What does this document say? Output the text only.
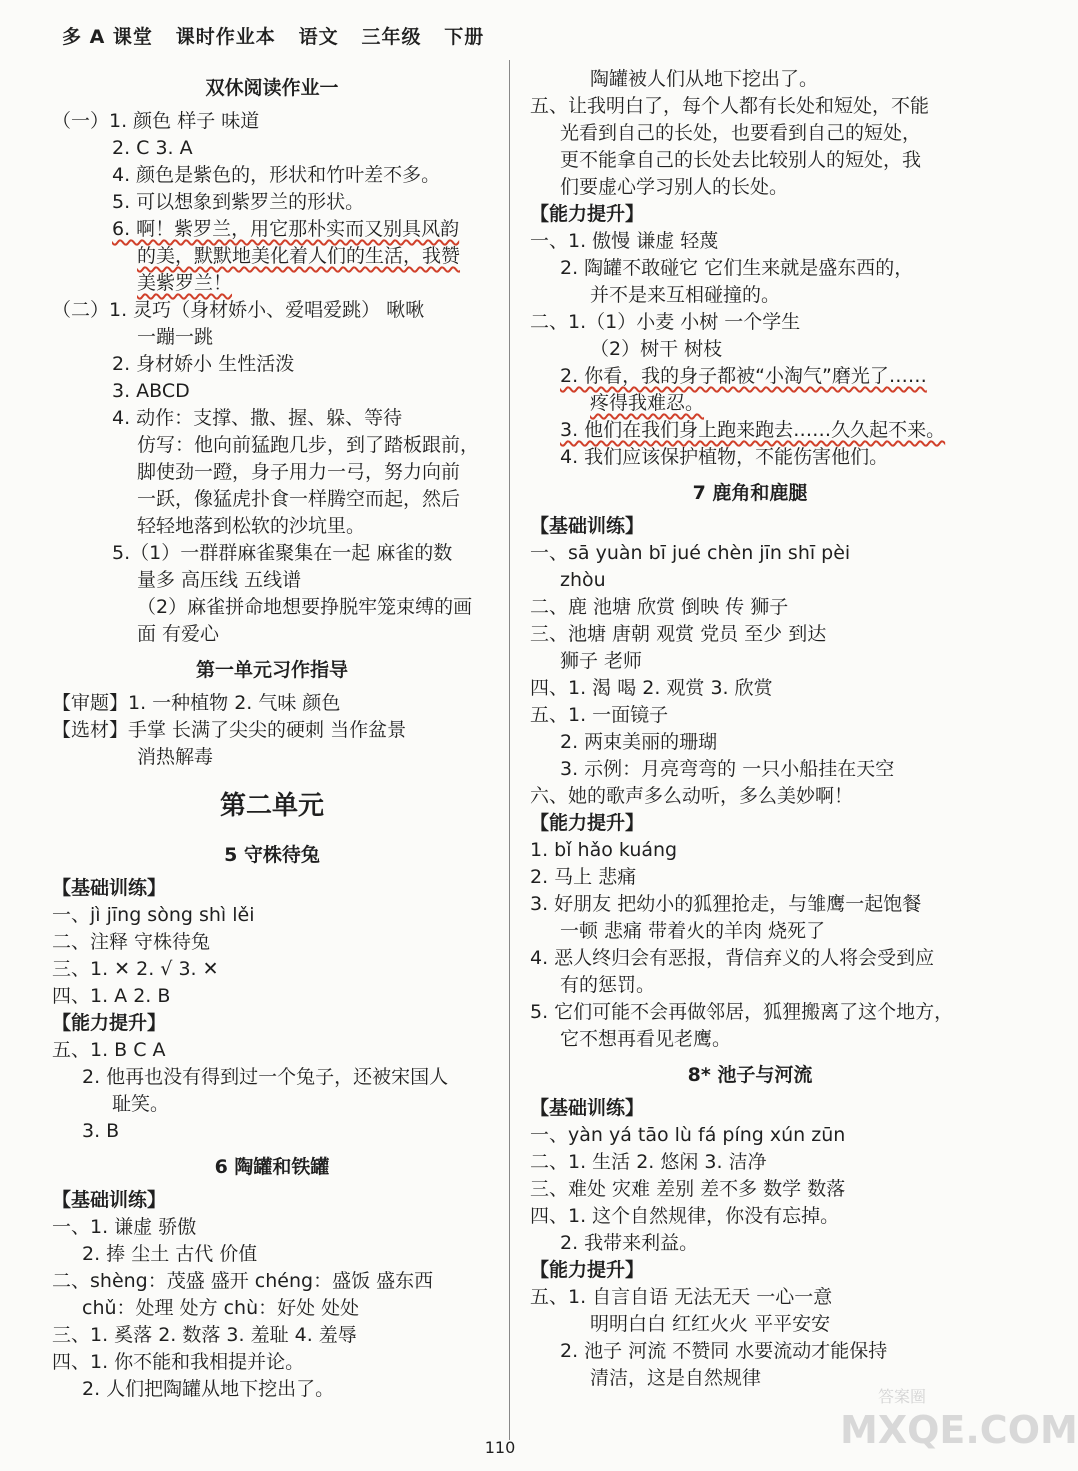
多 A 课堂   课时作业本   语文   三年级   下册
双休阅读作业一
（一）1. 颜色 样子 味道
2. C 3. A
4. 颜色是紫色的，形状和竹叶差不多。
5. 可以想象到紫罗兰的形状。
6. 啊！紫罗兰，用它那朴实而又别具风韵
的美，默默地美化着人们的生活，我赞
美紫罗兰！
（二）1. 灵巧（身材娇小、爱唱爱跳） 啾啾
一蹦一跳
2. 身材娇小 生性活泼
3. ABCD
4. 动作：支撑、撒、握、躲、等待
仿写：他向前猛跑几步，到了踏板跟前，
脚使劲一蹬，身子用力一弓，努力向前
一跃，像猛虎扑食一样腾空而起，然后
轻轻地落到松软的沙坑里。
5.（1）一群群麻雀聚集在一起 麻雀的数
量多 高压线 五线谱
（2）麻雀拼命地想要挣脱牢笼束缚的画
面 有爱心
第一单元习作指导
【审题】1. 一种植物 2. 气味 颜色
【选材】手掌 长满了尖尖的硬刺 当作盆景
消热解毒
第二单元
5 守株待兔
【基础训练】
一、jì jīng sòng shì lěi
二、注释 守株待兔
三、1. ✕ 2. √ 3. ✕
四、1. A 2. B
【能力提升】
五、1. B C A
2. 他再也没有得到过一个兔子，还被宋国人
耻笑。
3. B
6 陶罐和铁罐
【基础训练】
一、1. 谦虚 骄傲
2. 捧 尘土 古代 价值
二、shèng：茂盛 盛开 chéng：盛饭 盛东西
chǔ：处理 处方 chù：好处 处处
三、1. 奚落 2. 数落 3. 羞耻 4. 羞辱
四、1. 你不能和我相提并论。
2. 人们把陶罐从地下挖出了。
陶罐被人们从地下挖出了。
五、让我明白了，每个人都有长处和短处，不能
光看到自己的长处，也要看到自己的短处，
更不能拿自己的长处去比较别人的短处，我
们要虚心学习别人的长处。
【能力提升】
一、1. 傲慢 谦虚 轻蔑
2. 陶罐不敢碰它 它们生来就是盛东西的，
并不是来互相碰撞的。
二、1.（1）小麦 小树 一个学生
（2）树干 树枝
2. 你看，我的身子都被“小淘气”磨光了……
疼得我难忍。
3. 他们在我们身上跑来跑去……久久起不来。
4. 我们应该保护植物，不能伤害他们。
7 鹿角和鹿腿
【基础训练】
一、sā yuàn bī jué chèn jīn shī pèi
zhòu
二、鹿 池塘 欣赏 倒映 传 狮子
三、池塘 唐朝 观赏 党员 至少 到达
狮子 老师
四、1. 渴 喝 2. 观赏 3. 欣赏
五、1. 一面镜子
2. 两束美丽的珊瑚
3. 示例：月亮弯弯的 一只小船挂在天空
六、她的歌声多么动听，多么美妙啊！
【能力提升】
1. bǐ hǎo kuáng
2. 马上 悲痛
3. 好朋友 把幼小的狐狸抢走，与雏鹰一起饱餐
一顿 悲痛 带着火的羊肉 烧死了
4. 恶人终归会有恶报，背信弃义的人将会受到应
有的惩罚。
5. 它们可能不会再做邻居，狐狸搬离了这个地方，
它不想再看见老鹰。
8* 池子与河流
【基础训练】
一、yàn yá tāo lù fá píng xún zūn
二、1. 生活 2. 悠闲 3. 洁净
三、难处 灾难 差别 差不多 数学 数落
四、1. 这个自然规律，你没有忘掉。
2. 我带来利益。
【能力提升】
五、1. 自言自语 无法无天 一心一意
明明白白 红红火火 平平安安
2. 池子 河流 不赞同 水要流动才能保持
清洁，这是自然规律
答案圈
MXQE.COM
110
